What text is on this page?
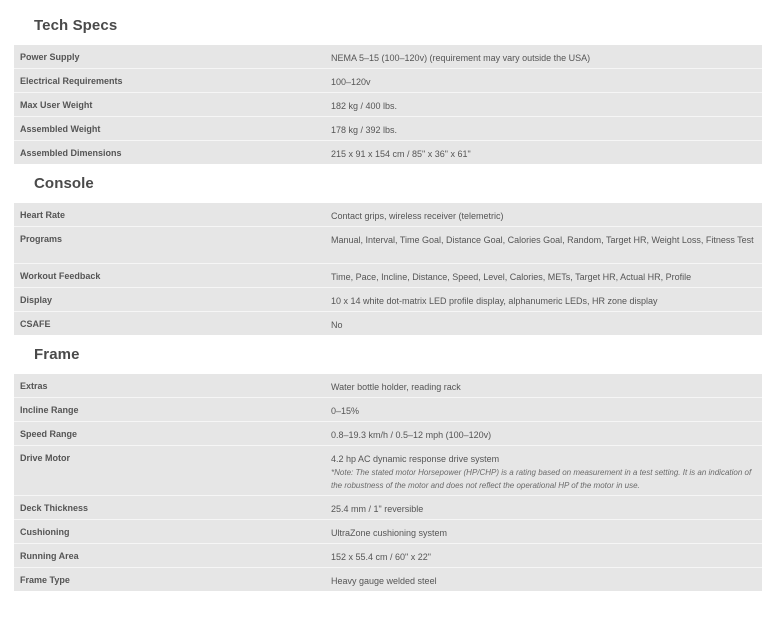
Tech Specs
Power Supply	NEMA 5–15 (100–120v) (requirement may vary outside the USA)
Electrical Requirements	100–120v
Max User Weight	182 kg / 400 lbs.
Assembled Weight	178 kg / 392 lbs.
Assembled Dimensions	215 x 91 x 154 cm / 85" x 36" x 61"
Console
Heart Rate	Contact grips, wireless receiver (telemetric)
Programs	Manual, Interval, Time Goal, Distance Goal, Calories Goal, Random, Target HR, Weight Loss, Fitness Test
Workout Feedback	Time, Pace, Incline, Distance, Speed, Level, Calories, METs, Target HR, Actual HR, Profile
Display	10 x 14 white dot-matrix LED profile display, alphanumeric LEDs, HR zone display
CSAFE	No
Frame
Extras	Water bottle holder, reading rack
Incline Range	0–15%
Speed Range	0.8–19.3 km/h / 0.5–12 mph (100–120v)
Drive Motor	4.2 hp AC dynamic response drive system
*Note: The stated motor Horsepower (HP/CHP) is a rating based on measurement in a test setting. It is an indication of the robustness of the motor and does not reflect the operational HP of the motor in use.
Deck Thickness	25.4 mm / 1" reversible
Cushioning	UltraZone cushioning system
Running Area	152 x 55.4 cm / 60" x 22"
Frame Type	Heavy gauge welded steel
